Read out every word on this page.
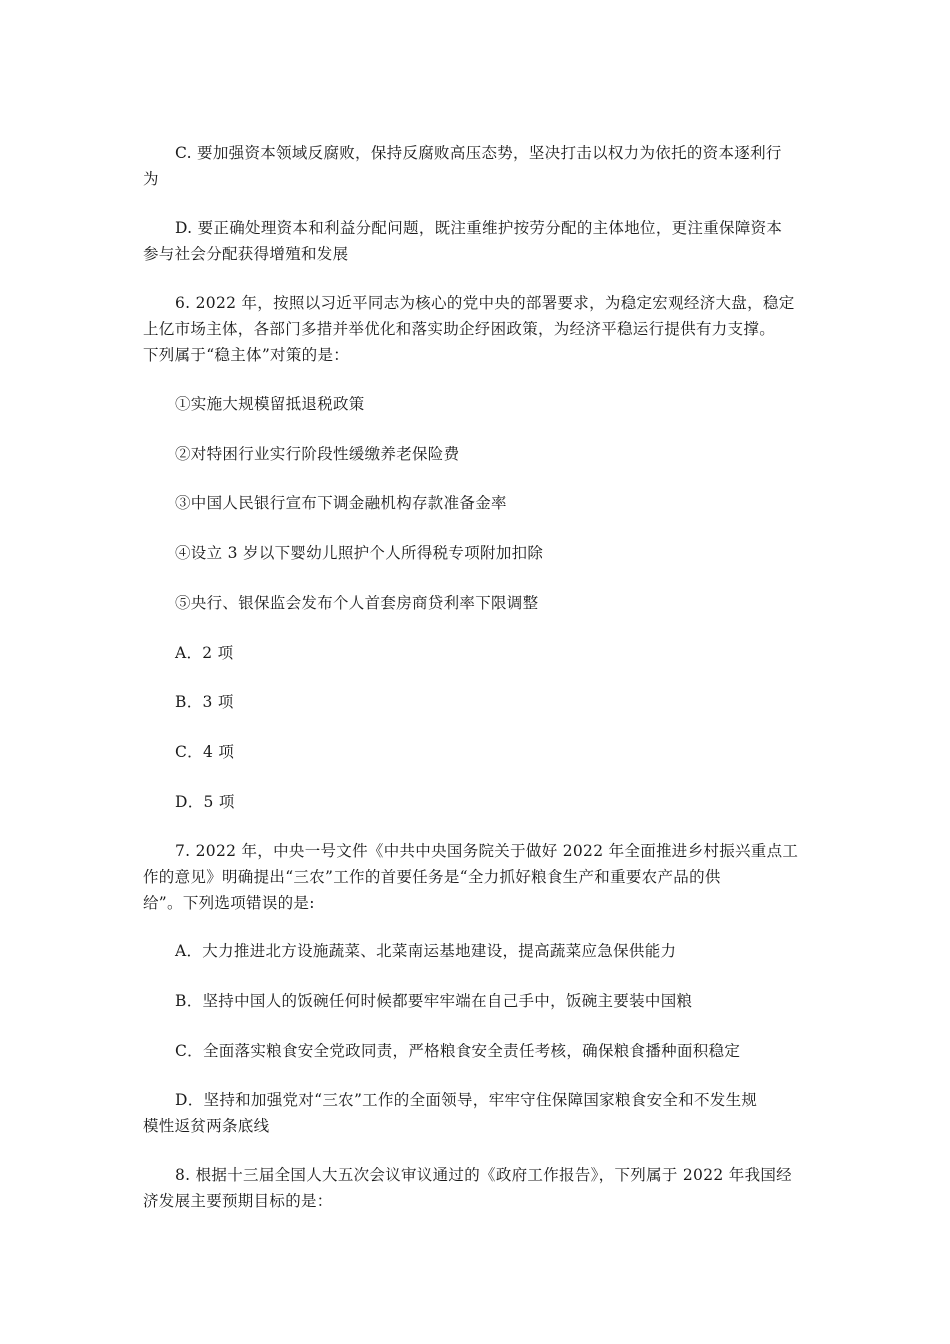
C. 要加强资本领域反腐败，保持反腐败高压态势，坚决打击以权力为依托的资本逐利行
为
D. 要正确处理资本和利益分配问题，既注重维护按劳分配的主体地位，更注重保障资本
参与社会分配获得增殖和发展
6. 2022 年，按照以习近平同志为核心的党中央的部署要求，为稳定宏观经济大盘，稳定
上亿市场主体，各部门多措并举优化和落实助企纾困政策，为经济平稳运行提供有力支撑。
下列属于“稳主体”对策的是：
①实施大规模留抵退税政策
②对特困行业实行阶段性缓缴养老保险费
③中国人民银行宣布下调金融机构存款准备金率
④设立 3 岁以下婴幼儿照护个人所得税专项附加扣除
⑤央行、银保监会发布个人首套房商贷利率下限调整
A．2 项
B．3 项
C．4 项
D．5 项
7. 2022 年，中央一号文件《中共中央国务院关于做好 2022 年全面推进乡村振兴重点工
作的意见》明确提出“三农”工作的首要任务是“全力抓好粮食生产和重要农产品的供
给”。下列选项错误的是:
A．大力推进北方设施蔬菜、北菜南运基地建设，提高蔬菜应急保供能力
B．坚持中国人的饭碗任何时候都要牢牢端在自己手中，饭碗主要装中国粮
C．全面落实粮食安全党政同责，严格粮食安全责任考核，确保粮食播种面积稳定
D．坚持和加强党对“三农”工作的全面领导，牢牢守住保障国家粮食安全和不发生规
模性返贫两条底线
8. 根据十三届全国人大五次会议审议通过的《政府工作报告》，下列属于 2022 年我国经
济发展主要预期目标的是：
